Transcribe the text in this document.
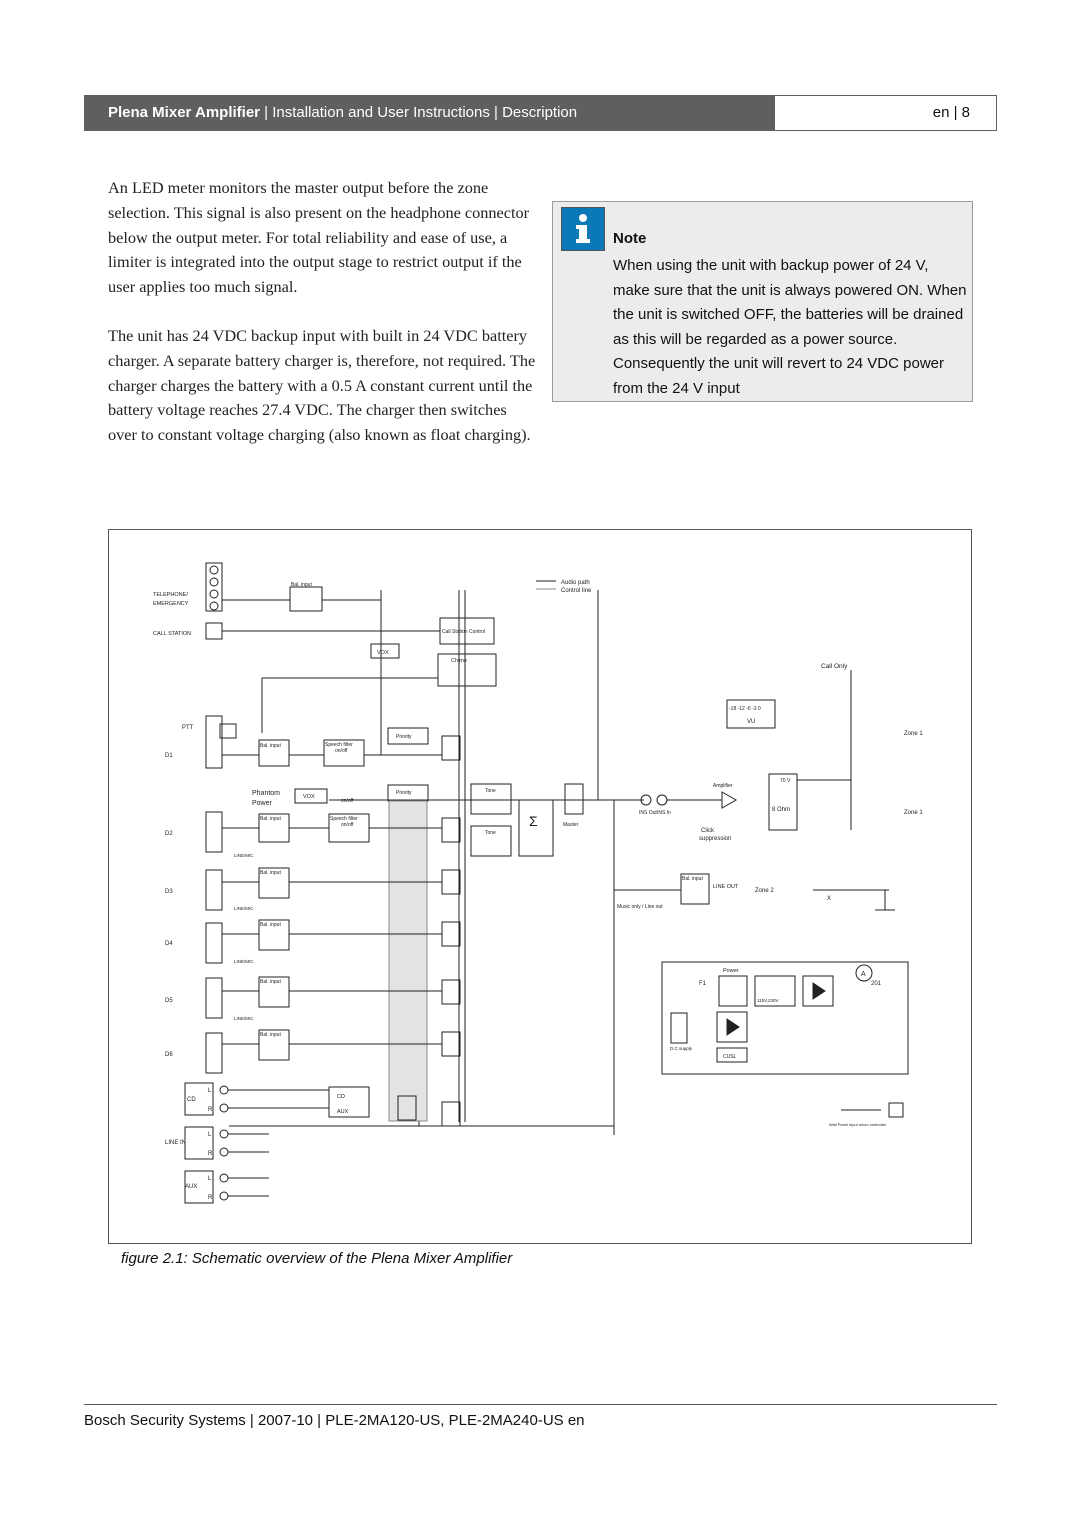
Plena Mixer Amplifier | Installation and User Instructions | Description	en | 8

An LED meter monitors the master output before the zone selection. This signal is also present on the headphone connector below the output meter. For total reliability and ease of use, a limiter is integrated into the output stage to restrict output if the user applies too much signal.

The unit has 24 VDC backup input with built in 24 VDC battery charger. A separate battery charger is, therefore, not required. The charger charges the battery with a 0.5 A constant current until the battery voltage reaches 27.4 VDC. The charger then switches over to constant voltage charging (also known as float charging).

Note
When using the unit with backup power of 24 V, make sure that the unit is always powered ON. When the unit is switched OFF, the batteries will be drained as this will be regarded as a power source. Consequently the unit will revert to 24 VDC power from the 24 V input
Audio path
Control line
TELEPHONE/
EMERGENCY
Bal. input
CALL STATION	Call Station Control
VOX
Chime
PTT
D1
Bal. input	Speech filter
on/off
Priority
Phantom
Power
VOX
on/off
Priority
D2
Bal. input	Speech filter
on/off
LINE/MIC
D3
Bal. input
LINE/MIC
D4
Bal. input
LINE/MIC
D5
Bal. input
LINE/MIC
D6
Bal. input
CD
L
R
LINE IN
L
R
AUX
L
R
CD
AUX
Tone
Tone
Σ	Master
INS Out INS In
-18 -12 -6 -3 0
VU
Amplifier
70 V
8 Ohm
Click
suppression
Call Only
Zone 1
Zone 1
Bal. input
LINE OUT
Zone 2
Music only / Line out
X
Power
F1
115V,230V
201
A
D.C.supply
CUSL
Wall Panel input micro controller
figure 2.1: Schematic overview of the Plena Mixer Amplifier
Bosch Security Systems | 2007-10 | PLE-2MA120-US, PLE-2MA240-US en
